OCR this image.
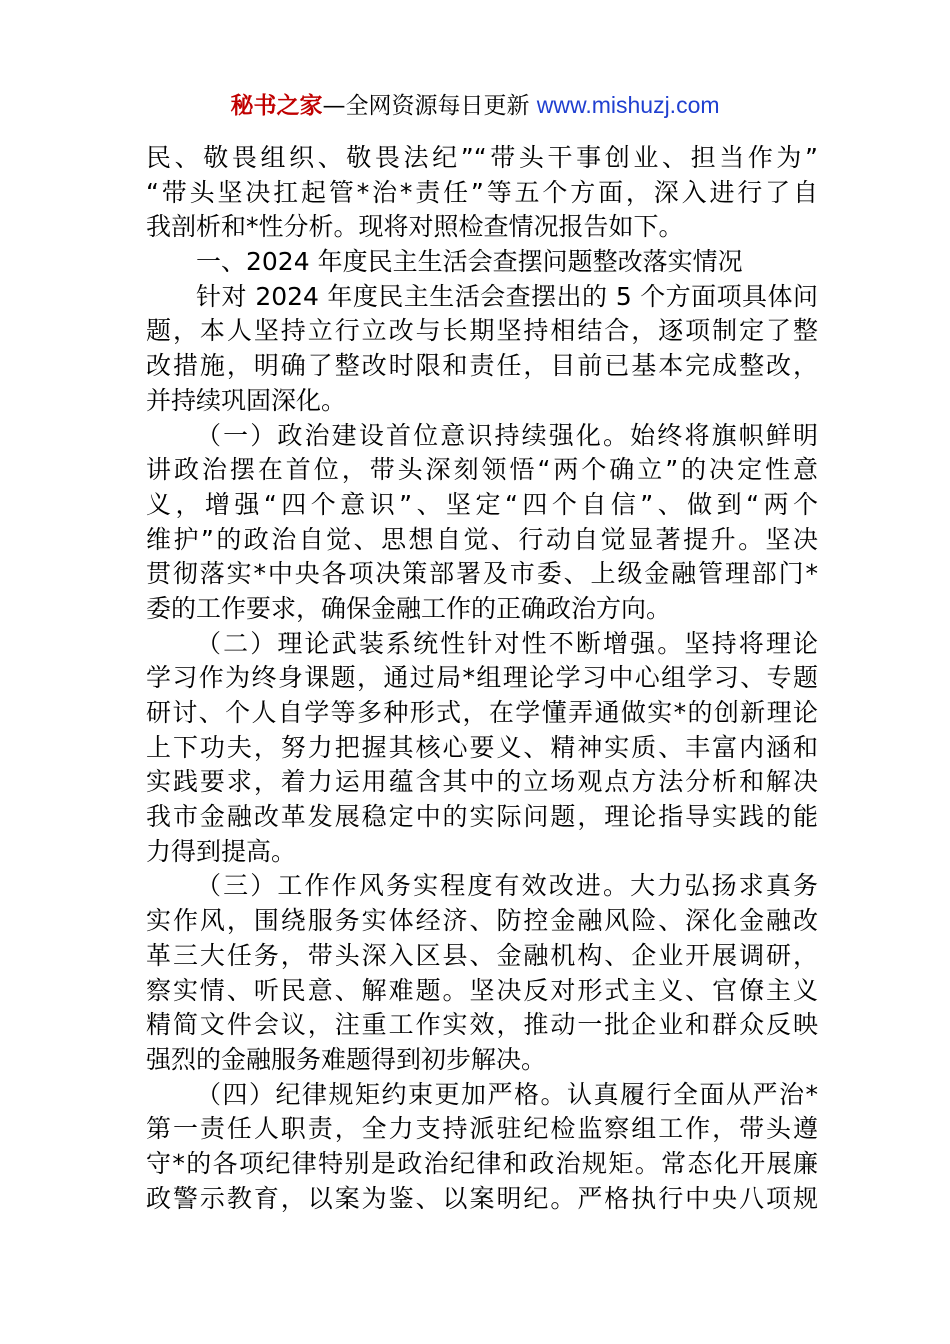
秘书之家—全网资源每日更新 www.mishuzj.com
民、敬畏组织、敬畏法纪”“带头干事创业、担当作为”
“带头坚决扛起管*治*责任”等五个方面，深入进行了自
我剖析和*性分析。现将对照检查情况报告如下。
一、2024 年度民主生活会查摆问题整改落实情况
针对 2024 年度民主生活会查摆出的 5 个方面项具体问
题，本人坚持立行立改与长期坚持相结合，逐项制定了整
改措施，明确了整改时限和责任，目前已基本完成整改，
并持续巩固深化。
（一）政治建设首位意识持续强化。始终将旗帜鲜明
讲政治摆在首位，带头深刻领悟“两个确立”的决定性意
义，增强“四个意识”、坚定“四个自信”、做到“两个
维护”的政治自觉、思想自觉、行动自觉显著提升。坚决
贯彻落实*中央各项决策部署及市委、上级金融管理部门*
委的工作要求，确保金融工作的正确政治方向。
（二）理论武装系统性针对性不断增强。坚持将理论
学习作为终身课题，通过局*组理论学习中心组学习、专题
研讨、个人自学等多种形式，在学懂弄通做实*的创新理论
上下功夫，努力把握其核心要义、精神实质、丰富内涵和
实践要求，着力运用蕴含其中的立场观点方法分析和解决
我市金融改革发展稳定中的实际问题，理论指导实践的能
力得到提高。
（三）工作作风务实程度有效改进。大力弘扬求真务
实作风，围绕服务实体经济、防控金融风险、深化金融改
革三大任务，带头深入区县、金融机构、企业开展调研，
察实情、听民意、解难题。坚决反对形式主义、官僚主义
精简文件会议，注重工作实效，推动一批企业和群众反映
强烈的金融服务难题得到初步解决。
（四）纪律规矩约束更加严格。认真履行全面从严治*
第一责任人职责，全力支持派驻纪检监察组工作，带头遵
守*的各项纪律特别是政治纪律和政治规矩。常态化开展廉
政警示教育，以案为鉴、以案明纪。严格执行中央八项规
